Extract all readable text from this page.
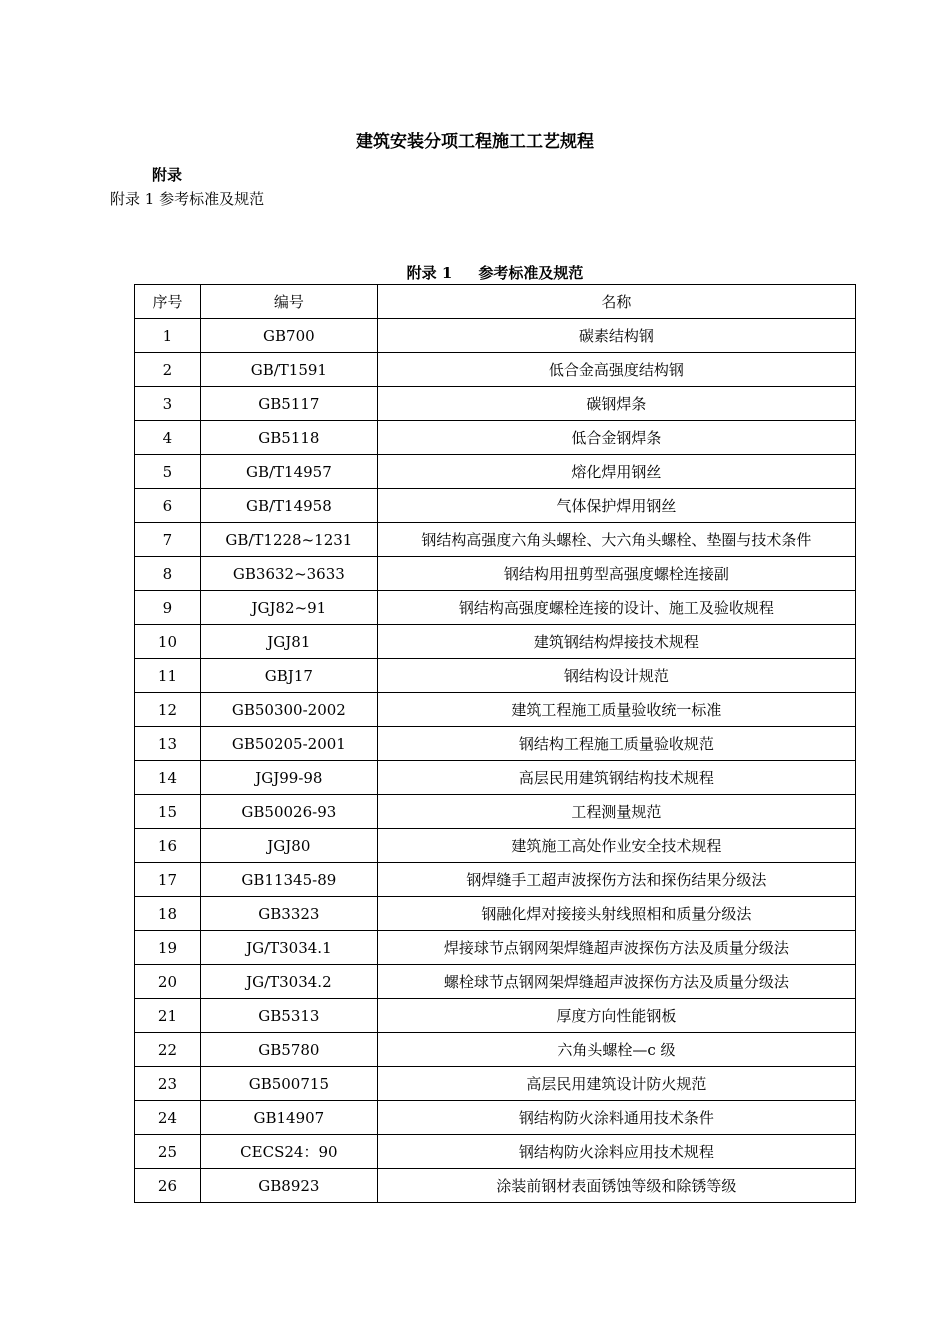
建筑安装分项工程施工工艺规程
附录
附录 1 参考标准及规范
附录 1     参考标准及规范
序号	编号	名称
1	GB700	碳素结构钢
2	GB/T1591	低合金高强度结构钢
3	GB5117	碳钢焊条
4	GB5118	低合金钢焊条
5	GB/T14957	熔化焊用钢丝
6	GB/T14958	气体保护焊用钢丝
7	GB/T1228~1231	钢结构高强度六角头螺栓、大六角头螺栓、垫圈与技术条件
8	GB3632~3633	钢结构用扭剪型高强度螺栓连接副
9	JGJ82~91	钢结构高强度螺栓连接的设计、施工及验收规程
10	JGJ81	建筑钢结构焊接技术规程
11	GBJ17	钢结构设计规范
12	GB50300-2002	建筑工程施工质量验收统一标准
13	GB50205-2001	钢结构工程施工质量验收规范
14	JGJ99-98	高层民用建筑钢结构技术规程
15	GB50026-93	工程测量规范
16	JGJ80	建筑施工高处作业安全技术规程
17	GB11345-89	钢焊缝手工超声波探伤方法和探伤结果分级法
18	GB3323	钢融化焊对接接头射线照相和质量分级法
19	JG/T3034.1	焊接球节点钢网架焊缝超声波探伤方法及质量分级法
20	JG/T3034.2	螺栓球节点钢网架焊缝超声波探伤方法及质量分级法
21	GB5313	厚度方向性能钢板
22	GB5780	六角头螺栓—c 级
23	GB500715	高层民用建筑设计防火规范
24	GB14907	钢结构防火涂料通用技术条件
25	CECS24：90	钢结构防火涂料应用技术规程
26	GB8923	涂装前钢材表面锈蚀等级和除锈等级
